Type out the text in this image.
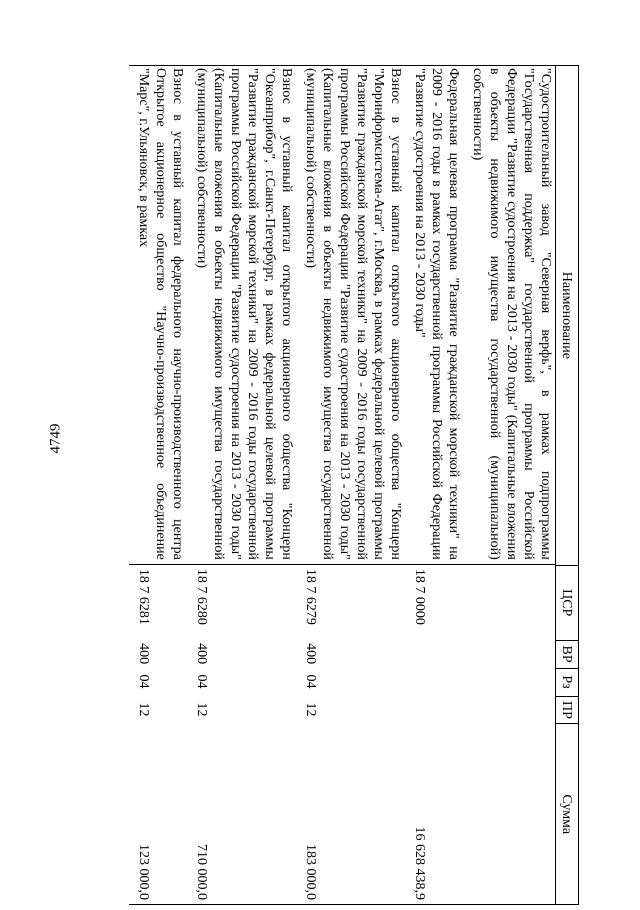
4749
Наименование
ЦСР
ВР
Рз
ПР
Сумма
"Судостроительный завод "Северная верфь", в рамках подпрограммы "Государственная поддержка" государственной программы Российской Федерации "Развитие судостроения на 2013 - 2030 годы" (Капитальные вложения в объекты недвижимого имущества государственной (муниципальной) собственности)
Федеральная целевая программа "Развитие гражданской морской техники" на 2009 - 2016 годы в рамках государственной программы Российской Федерации "Развитие судостроения на 2013 - 2030 годы"
18 7 0000
16 628 438,9
Взнос в уставный капитал открытого акционерного общества "Концерн "Моринформсистема-Агат", г.Москва, в рамках федеральной целевой программы "Развитие гражданской морской техники" на 2009 - 2016 годы государственной программы Российской Федерации "Развитие судостроения на 2013 - 2030 годы" (Капитальные вложения в объекты недвижимого имущества государственной (муниципальной) собственности)
18 7 6279
400
04
12
183 000,0
Взнос в уставный капитал открытого акционерного общества "Концерн "Океанприбор", г.Санкт-Петербург, в рамках федеральной целевой программы "Развитие гражданской морской техники" на 2009 - 2016 годы государственной программы Российской Федерации "Развитие судостроения на 2013 - 2030 годы" (Капитальные вложения в объекты недвижимого имущества государственной (муниципальной) собственности)
18 7 6280
400
04
12
710 000,0
Взнос в уставный капитал федерального научно-производственного центра Открытое акционерное общество "Научно-производственное объединение "Марс", г.Ульяновск, в рамках
18 7 6281
400
04
12
123 000,0
